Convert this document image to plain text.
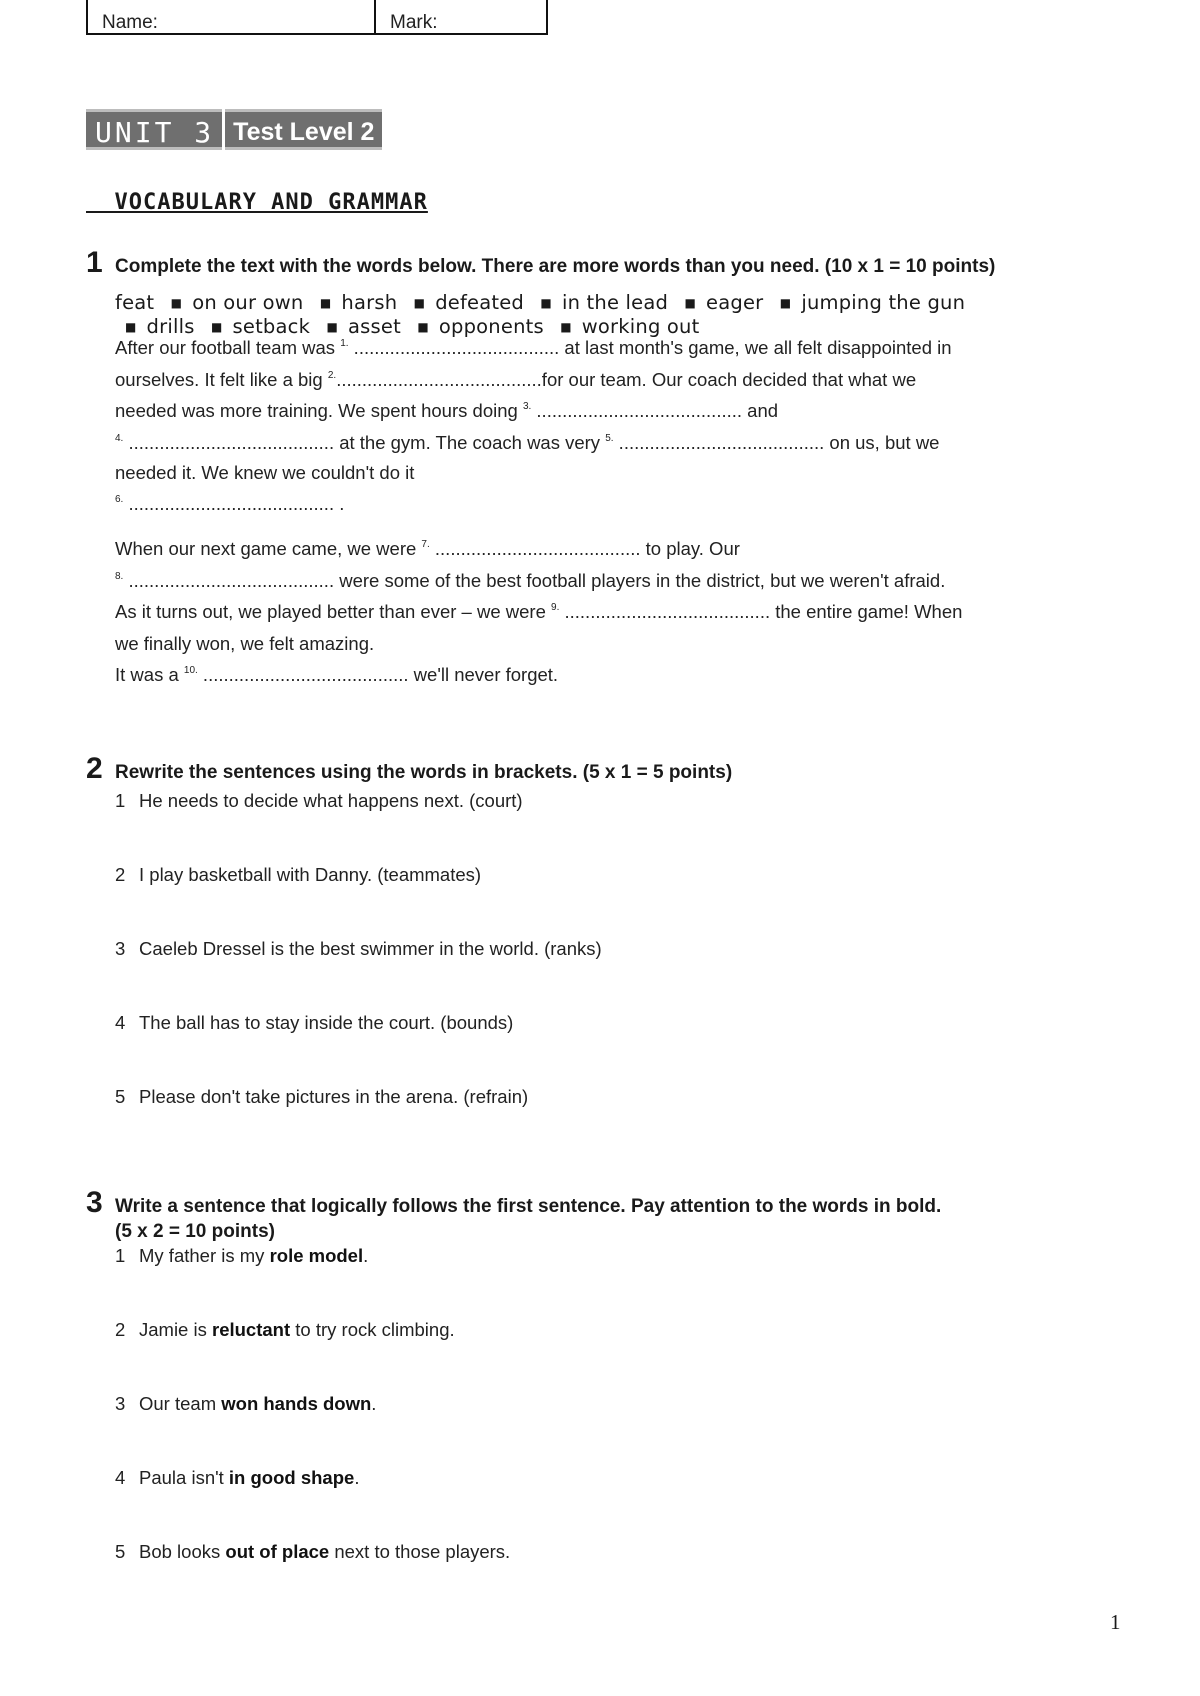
Name:	Mark:
UNIT 3 Test Level 2
VOCABULARY AND GRAMMAR
1 Complete the text with the words below. There are more words than you need. (10 x 1 = 10 points)
feat ■ on our own ■ harsh ■ defeated ■ in the lead ■ eager ■ jumping the gun ■ drills ■ setback ■ asset ■ opponents ■ working out
After our football team was $^{1.}$ ........................................ at last month's game, we all felt disappointed in
ourselves. It felt like a big $^{2.}$........................................for our team. Our coach decided that what we
needed was more training. We spent hours doing $^{3.}$ ........................................ and
$^{4.}$ ........................................ at the gym. The coach was very $^{5.}$ ........................................ on us, but we
needed it. We knew we couldn't do it
$^{6.}$ ........................................ .
When our next game came, we were $^{7.}$ ........................................ to play. Our
$^{8.}$ ........................................ were some of the best football players in the district, but we weren't afraid.
As it turns out, we played better than ever – we were $^{9.}$ ........................................ the entire game! When
we finally won, we felt amazing.
It was a $^{10.}$ ........................................ we'll never forget.
2 Rewrite the sentences using the words in brackets. (5 x 1 = 5 points)
1 He needs to decide what happens next. (court)
2 I play basketball with Danny. (teammates)
3 Caeleb Dressel is the best swimmer in the world. (ranks)
4 The ball has to stay inside the court. (bounds)
5 Please don't take pictures in the arena. (refrain)
3 Write a sentence that logically follows the first sentence. Pay attention to the words in bold.
(5 x 2 = 10 points)
1 My father is my role model.
2 Jamie is reluctant to try rock climbing.
3 Our team won hands down.
4 Paula isn't in good shape.
5 Bob looks out of place next to those players.
1
